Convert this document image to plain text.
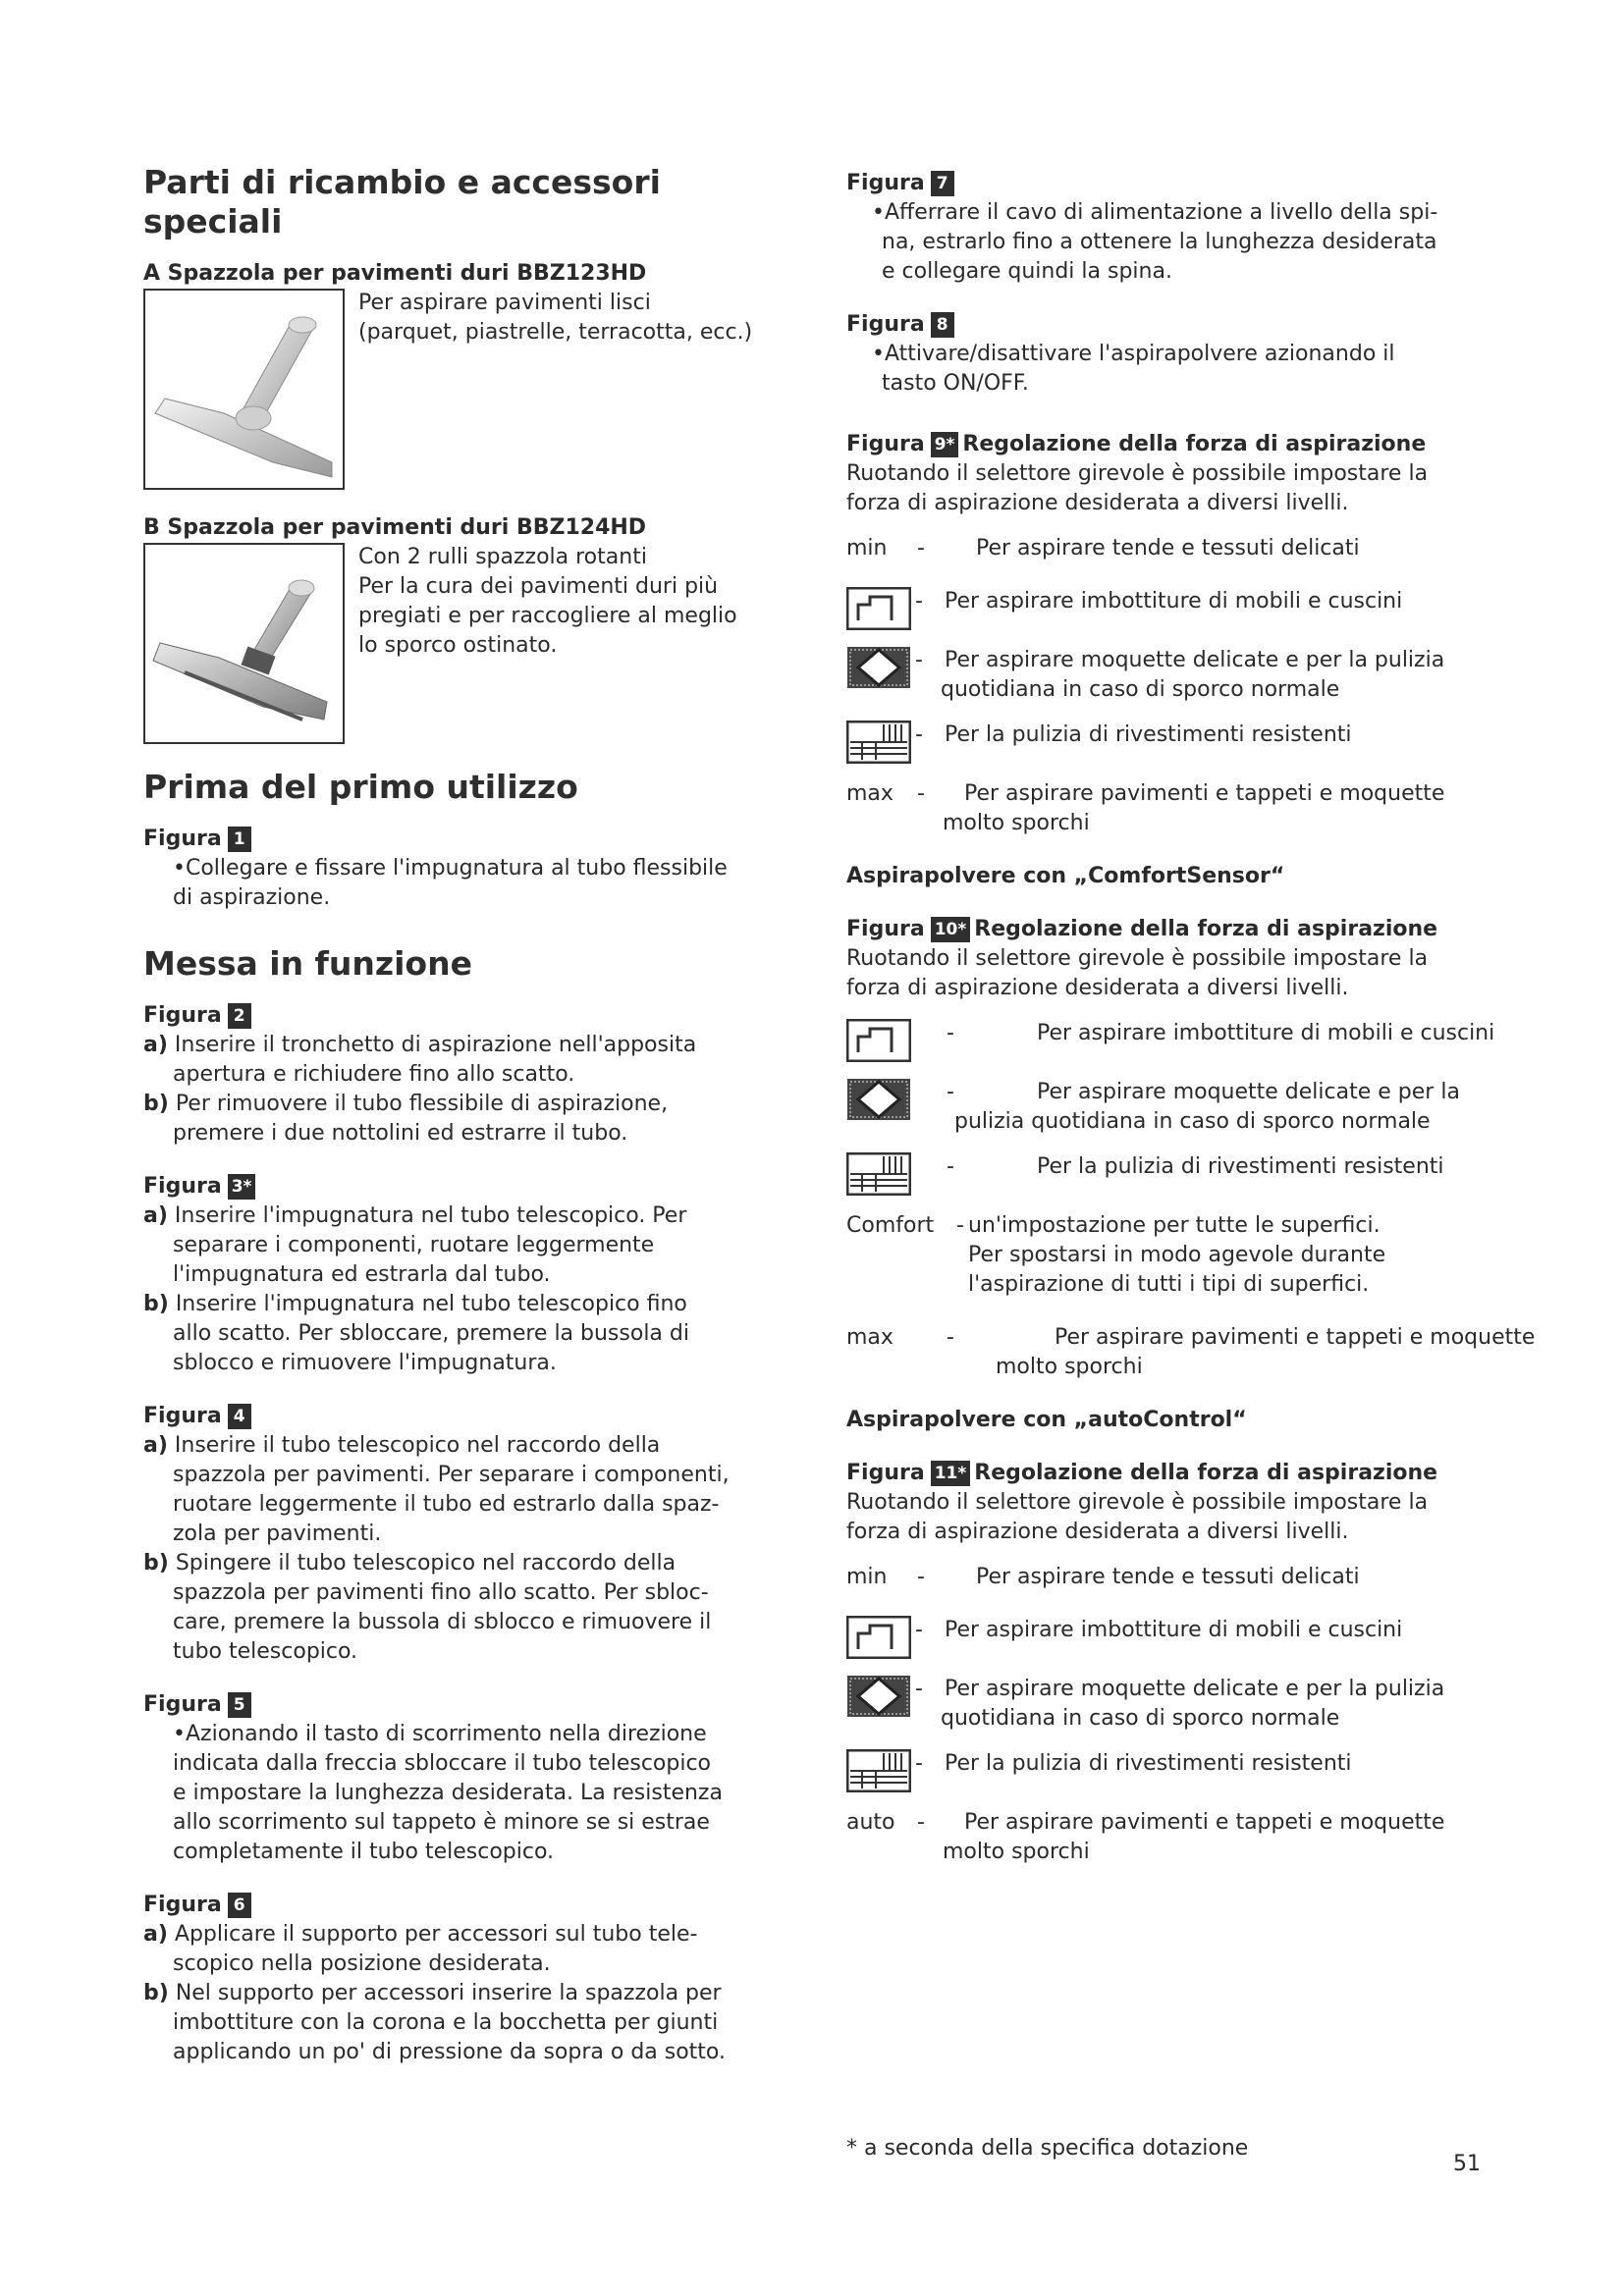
Parti di ricambio e accessori speciali

A Spazzola per pavimenti duri BBZ123HD

Per aspirare pavimenti lisci
(parquet, piastrelle, terracotta, ecc.)

B Spazzola per pavimenti duri BBZ124HD

Con 2 rulli spazzola rotanti
Per la cura dei pavimenti duri più
pregiati e per raccogliere al meglio
lo sporco ostinato.
Prima del primo utilizzo
Figura 1
•Collegare e fissare l'impugnatura al tubo flessibile
di aspirazione.
Messa in funzione
Figura 2
a) Inserire il tronchetto di aspirazione nell'apposita
apertura e richiudere fino allo scatto.
b) Per rimuovere il tubo flessibile di aspirazione,
premere i due nottolini ed estrarre il tubo.
Figura 3*
a) Inserire l'impugnatura nel tubo telescopico. Per
separare i componenti, ruotare leggermente
l'impugnatura ed estrarla dal tubo.
b) Inserire l'impugnatura nel tubo telescopico fino
allo scatto. Per sbloccare, premere la bussola di
sblocco e rimuovere l'impugnatura.
Figura 4
a) Inserire il tubo telescopico nel raccordo della
spazzola per pavimenti. Per separare i componenti,
ruotare leggermente il tubo ed estrarlo dalla spaz-
zola per pavimenti.
b) Spingere il tubo telescopico nel raccordo della
spazzola per pavimenti fino allo scatto. Per sbloc-
care, premere la bussola di sblocco e rimuovere il
tubo telescopico.
Figura 5
•Azionando il tasto di scorrimento nella direzione
indicata dalla freccia sbloccare il tubo telescopico
e impostare la lunghezza desiderata. La resistenza
allo scorrimento sul tappeto è minore se si estrae
completamente il tubo telescopico.
Figura 6
a) Applicare il supporto per accessori sul tubo tele-
scopico nella posizione desiderata.
b) Nel supporto per accessori inserire la spazzola per
imbottiture con la corona e la bocchetta per giunti
applicando un po' di pressione da sopra o da sotto.
Figura 7
•Afferrare il cavo di alimentazione a livello della spi-
na, estrarlo fino a ottenere la lunghezza desiderata
e collegare quindi la spina.
Figura 8
•Attivare/disattivare l'aspirapolvere azionando il
tasto ON/OFF.
Figura 9* Regolazione della forza di aspirazione
Ruotando il selettore girevole è possibile impostare la
forza di aspirazione desiderata a diversi livelli.
min	-	Per aspirare tende e tessuti delicati
-	Per aspirare imbottiture di mobili e cuscini
- Per aspirare moquette delicate e per la pulizia
quotidiana in caso di sporco normale
-	Per la pulizia di rivestimenti resistenti
max	-	Per aspirare pavimenti e tappeti e moquette
molto sporchi
Aspirapolvere con „ComfortSensor“
Figura 10* Regolazione della forza di aspirazione
Ruotando il selettore girevole è possibile impostare la
forza di aspirazione desiderata a diversi livelli.
-	Per aspirare imbottiture di mobili e cuscini
-	Per aspirare moquette delicate e per la
pulizia quotidiana in caso di sporco normale
-	Per la pulizia di rivestimenti resistenti
Comfort	- un'impostazione per tutte le superfici.
Per spostarsi in modo agevole durante
l'aspirazione di tutti i tipi di superfici.
max	-	Per aspirare pavimenti e tappeti e moquette
molto sporchi
Aspirapolvere con „autoControl“
Figura 11* Regolazione della forza di aspirazione
Ruotando il selettore girevole è possibile impostare la
forza di aspirazione desiderata a diversi livelli.
min	-	Per aspirare tende e tessuti delicati
-	Per aspirare imbottiture di mobili e cuscini
- Per aspirare moquette delicate e per la pulizia
quotidiana in caso di sporco normale
-	Per la pulizia di rivestimenti resistenti
auto	-	Per aspirare pavimenti e tappeti e moquette
molto sporchi
* a seconda della specifica dotazione
51
